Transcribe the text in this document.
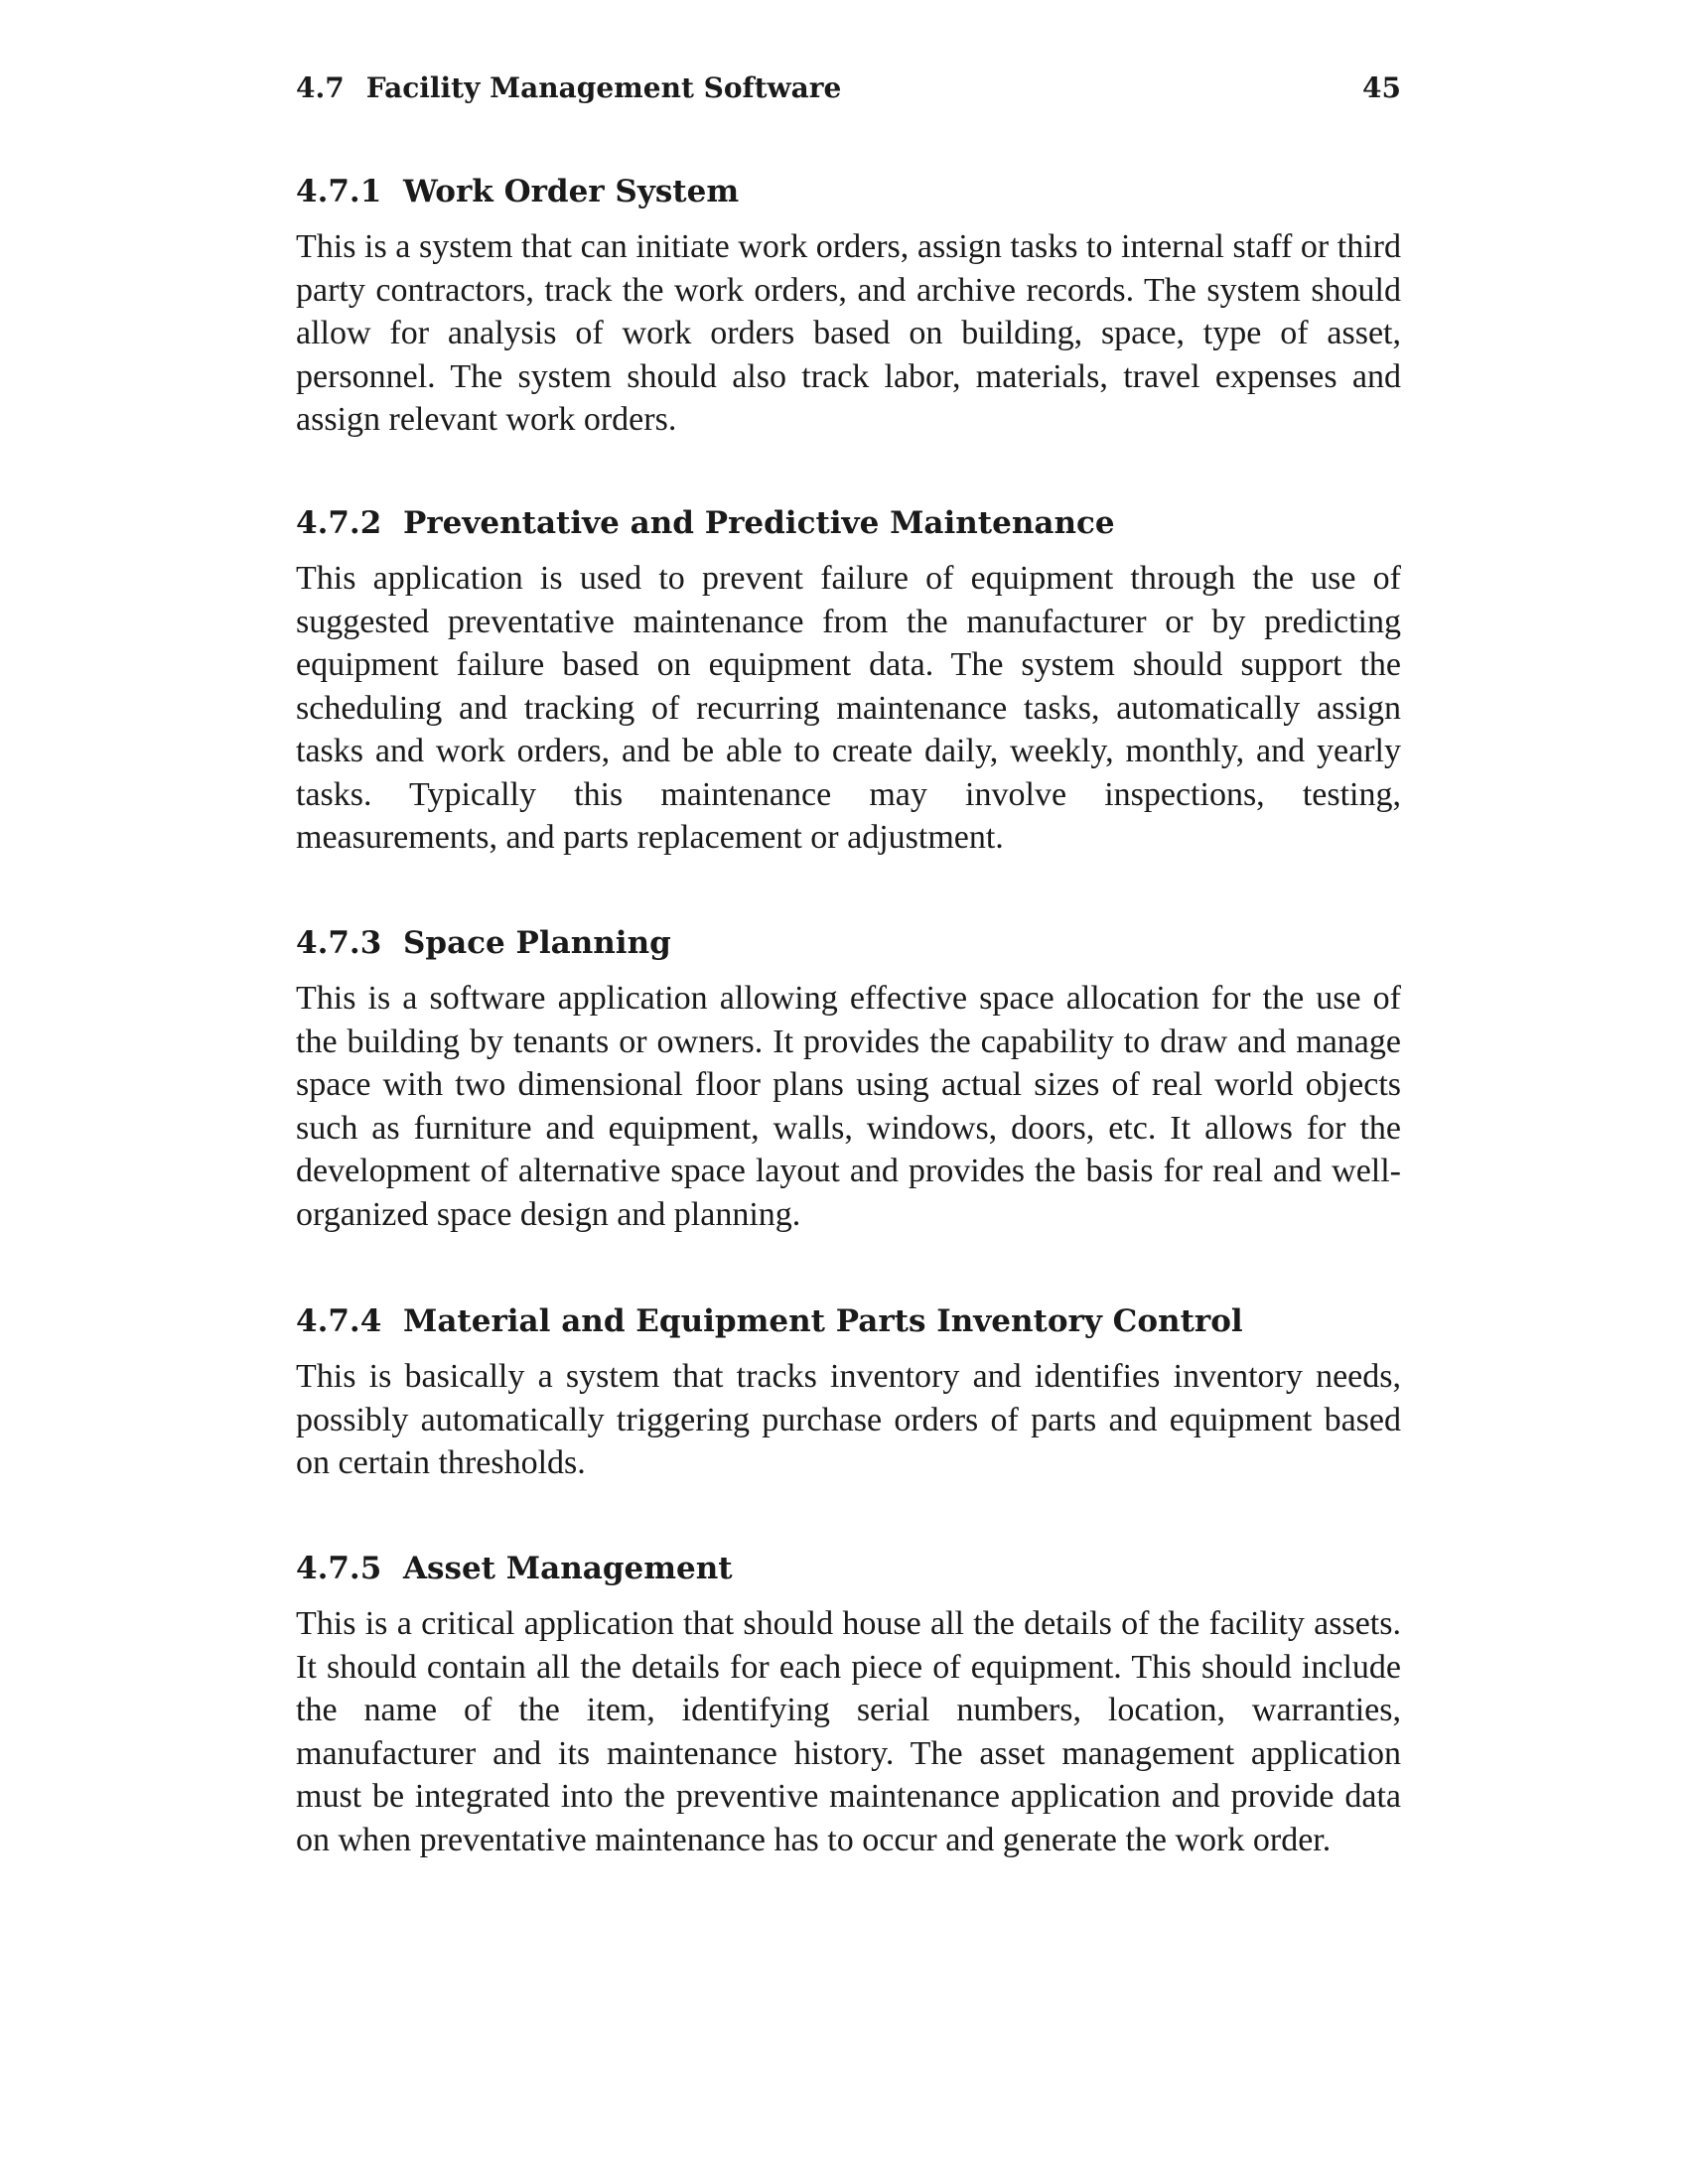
4.7 Facility Management Software	45
4.7.1 Work Order System

This is a system that can initiate work orders, assign tasks to internal staff or third party contractors, track the work orders, and archive records. The system should allow for analysis of work orders based on building, space, type of asset, personnel. The system should also track labor, materials, travel expenses and assign relevant work orders.

4.7.2 Preventative and Predictive Maintenance

This application is used to prevent failure of equipment through the use of suggested preventative maintenance from the manufacturer or by predicting equipment failure based on equipment data. The system should support the scheduling and tracking of recurring maintenance tasks, automatically assign tasks and work orders, and be able to create daily, weekly, monthly, and yearly tasks. Typically this maintenance may involve inspections, testing, measurements, and parts replacement or adjustment.

4.7.3 Space Planning

This is a software application allowing effective space allocation for the use of the building by tenants or owners. It provides the capability to draw and manage space with two dimensional floor plans using actual sizes of real world objects such as furniture and equipment, walls, windows, doors, etc. It allows for the development of alternative space layout and provides the basis for real and well-organized space design and planning.

4.7.4 Material and Equipment Parts Inventory Control

This is basically a system that tracks inventory and identifies inventory needs, possibly automatically triggering purchase orders of parts and equipment based on certain thresholds.

4.7.5 Asset Management

This is a critical application that should house all the details of the facility assets. It should contain all the details for each piece of equipment. This should include the name of the item, identifying serial numbers, location, warranties, manufacturer and its maintenance history. The asset management application must be integrated into the preventive maintenance application and provide data on when preventative maintenance has to occur and generate the work order.
